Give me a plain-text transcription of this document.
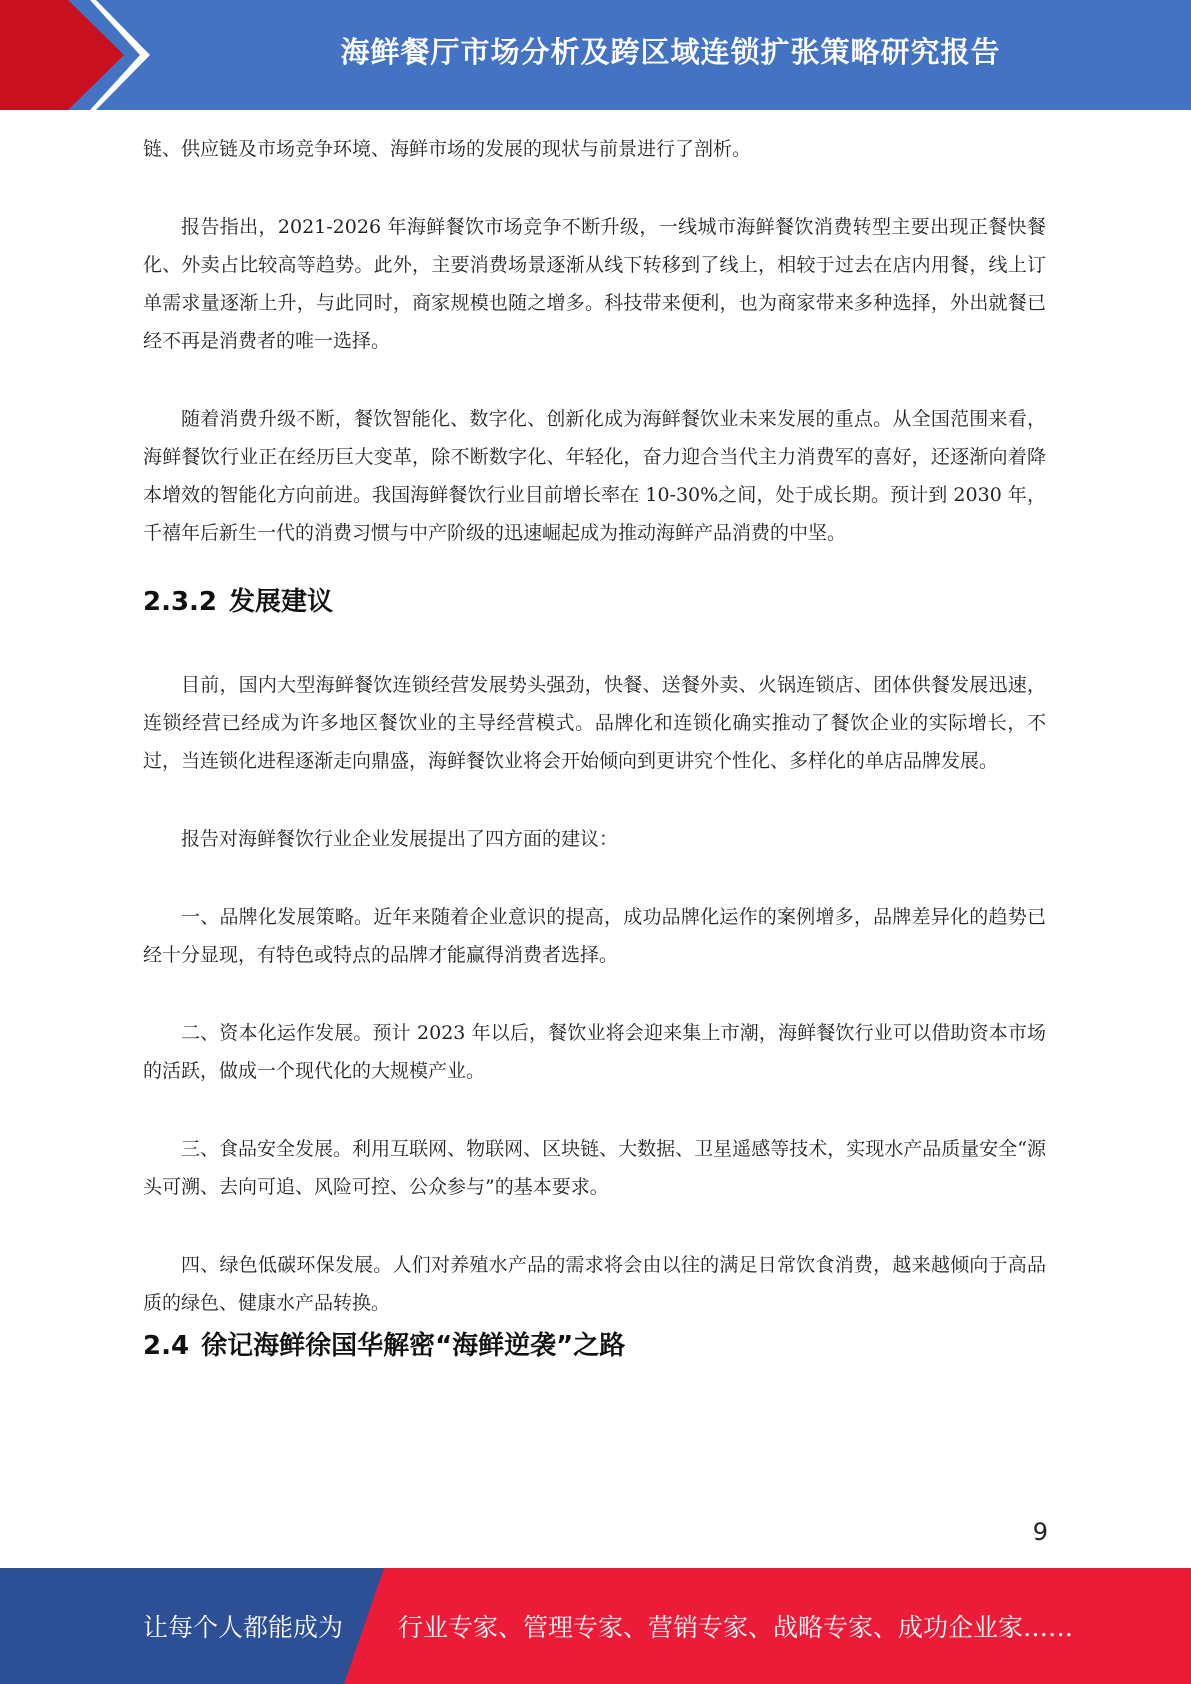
海鲜餐厅市场分析及跨区域连锁扩张策略研究报告

链、供应链及市场竞争环境、海鲜市场的发展的现状与前景进行了剖析。

报告指出，2021-2026 年海鲜餐饮市场竞争不断升级，一线城市海鲜餐饮消费转型主要出现正餐快餐化、外卖占比较高等趋势。此外，主要消费场景逐渐从线下转移到了线上，相较于过去在店内用餐，线上订单需求量逐渐上升，与此同时，商家规模也随之增多。科技带来便利，也为商家带来多种选择，外出就餐已经不再是消费者的唯一选择。

随着消费升级不断，餐饮智能化、数字化、创新化成为海鲜餐饮业未来发展的重点。从全国范围来看，海鲜餐饮行业正在经历巨大变革，除不断数字化、年轻化，奋力迎合当代主力消费军的喜好，还逐渐向着降本增效的智能化方向前进。我国海鲜餐饮行业目前增长率在 10-30%之间，处于成长期。预计到 2030 年，千禧年后新生一代的消费习惯与中产阶级的迅速崛起成为推动海鲜产品消费的中坚。

2.3.2 发展建议

目前，国内大型海鲜餐饮连锁经营发展势头强劲，快餐、送餐外卖、火锅连锁店、团体供餐发展迅速，连锁经营已经成为许多地区餐饮业的主导经营模式。品牌化和连锁化确实推动了餐饮企业的实际增长，不过，当连锁化进程逐渐走向鼎盛，海鲜餐饮业将会开始倾向到更讲究个性化、多样化的单店品牌发展。

报告对海鲜餐饮行业企业发展提出了四方面的建议：

一、品牌化发展策略。近年来随着企业意识的提高，成功品牌化运作的案例增多，品牌差异化的趋势已经十分显现，有特色或特点的品牌才能赢得消费者选择。

二、资本化运作发展。预计 2023 年以后，餐饮业将会迎来集上市潮，海鲜餐饮行业可以借助资本市场的活跃，做成一个现代化的大规模产业。

三、食品安全发展。利用互联网、物联网、区块链、大数据、卫星遥感等技术，实现水产品质量安全“源头可溯、去向可追、风险可控、公众参与”的基本要求。

四、绿色低碳环保发展。人们对养殖水产品的需求将会由以往的满足日常饮食消费，越来越倾向于高品质的绿色、健康水产品转换。

2.4 徐记海鲜徐国华解密“海鲜逆袭”之路
9
让每个人都能成为 行业专家、管理专家、营销专家、战略专家、成功企业家……
